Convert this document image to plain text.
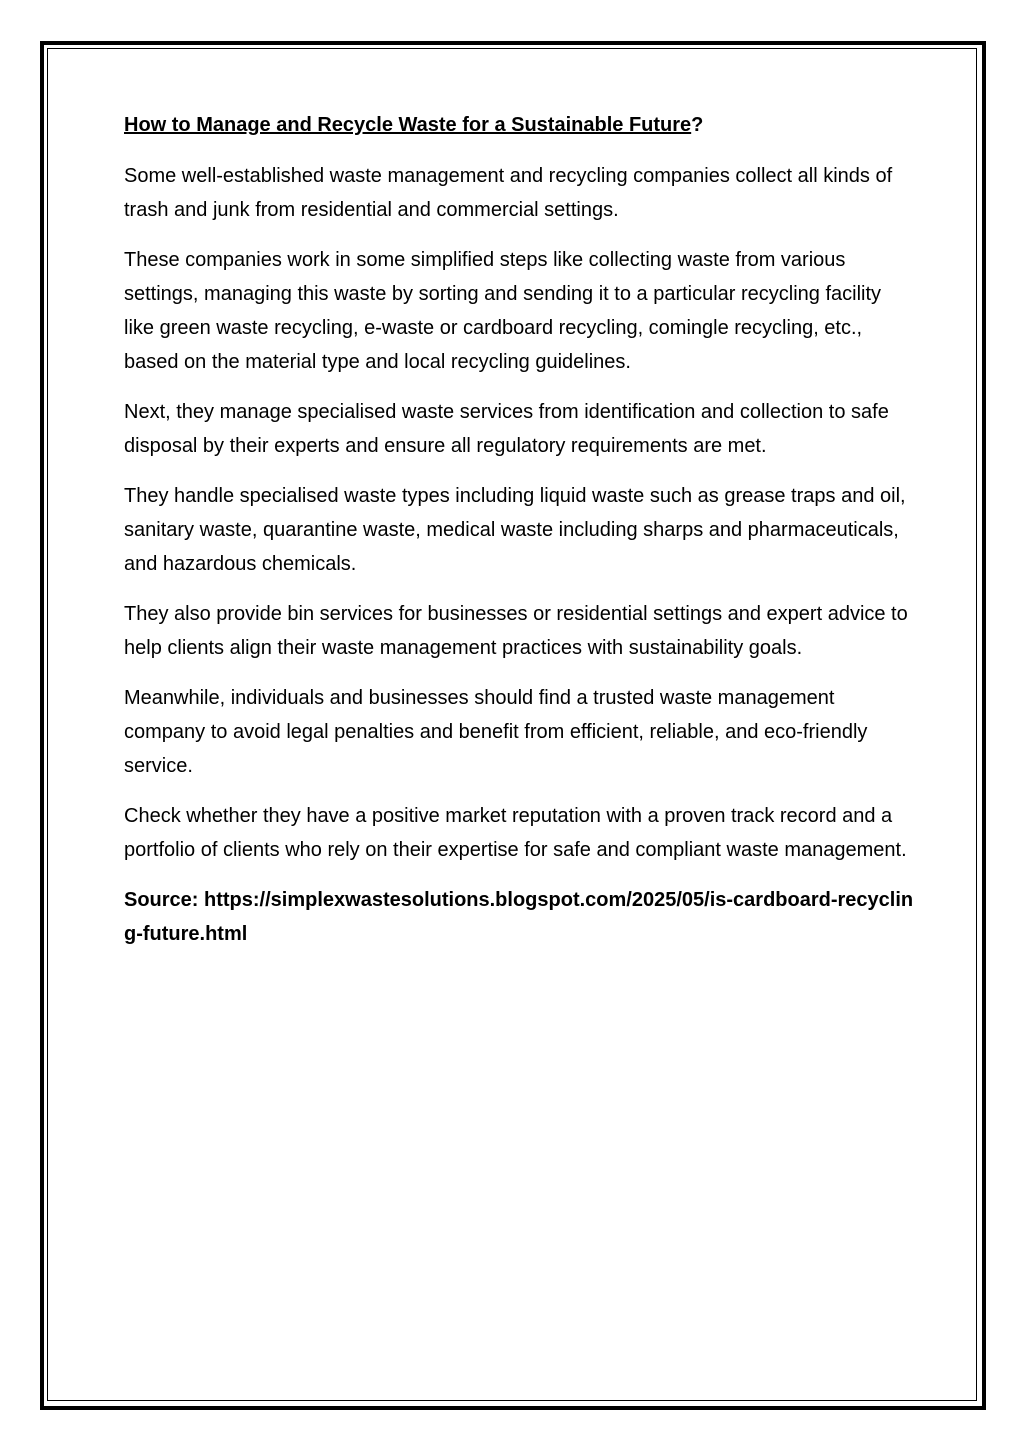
How to Manage and Recycle Waste for a Sustainable Future?

Some well-established waste management and recycling companies collect all kinds of trash and junk from residential and commercial settings.

These companies work in some simplified steps like collecting waste from various settings, managing this waste by sorting and sending it to a particular recycling facility like green waste recycling, e-waste or cardboard recycling, comingle recycling, etc., based on the material type and local recycling guidelines.

Next, they manage specialised waste services from identification and collection to safe disposal by their experts and ensure all regulatory requirements are met.

They handle specialised waste types including liquid waste such as grease traps and oil, sanitary waste, quarantine waste, medical waste including sharps and pharmaceuticals, and hazardous chemicals.

They also provide bin services for businesses or residential settings and expert advice to help clients align their waste management practices with sustainability goals.

Meanwhile, individuals and businesses should find a trusted waste management company to avoid legal penalties and benefit from efficient, reliable, and eco-friendly service.

Check whether they have a positive market reputation with a proven track record and a portfolio of clients who rely on their expertise for safe and compliant waste management.

Source: https://simplexwastesolutions.blogspot.com/2025/05/is-cardboard-recycling-future.html
